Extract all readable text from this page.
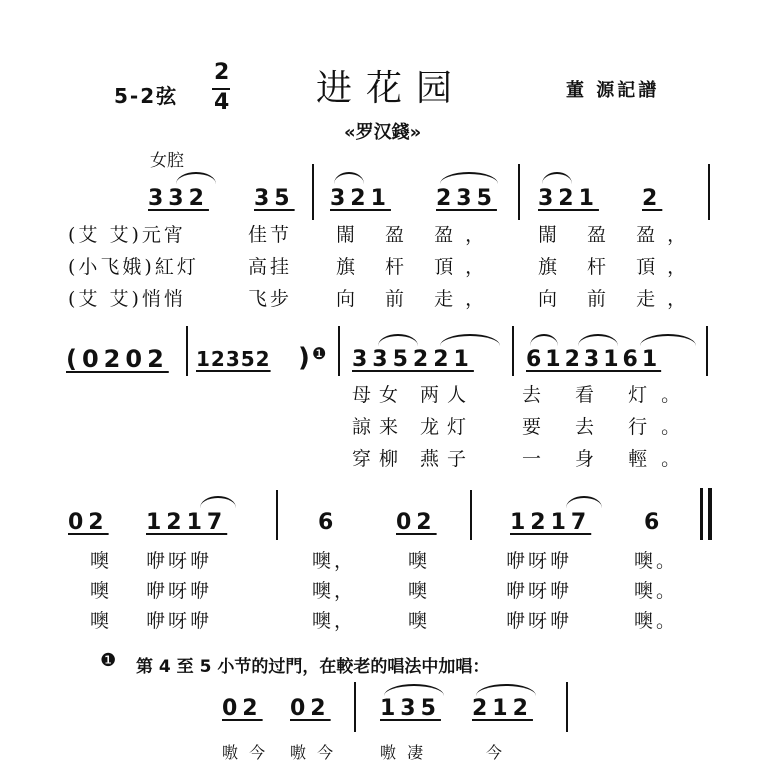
5-2弦
2
4 进花园	董 源記譜
«罗汉錢»
女腔
332 35 321 235 321 2
(艾 艾)元宵	佳节 閙 盈 盈， 閙 盈 盈，
(小飞娥)紅灯	高挂 旗 杆 頂， 旗 杆 頂，
(艾 艾)悄悄	飞步 向 前 走， 向 前 走，
(0202 12352 )
❶ 335221 6123161
母女 两人	去 看 灯。
諒来 龙灯	要 去 行。
穿柳 燕子	一 身 輕。
02 1217	6	02	1217 6
噢 咿呀咿	噢，	噢	咿呀咿	噢。
噢 咿呀咿	噢，	噢	咿呀咿	噢。
噢 咿呀咿	噢，	噢	咿呀咿	噢。
❶ 第 4 至 5 小节的过門，在較老的唱法中加唱：
02 02 135 212
嗷 今 嗷 今	嗷 凄	今
